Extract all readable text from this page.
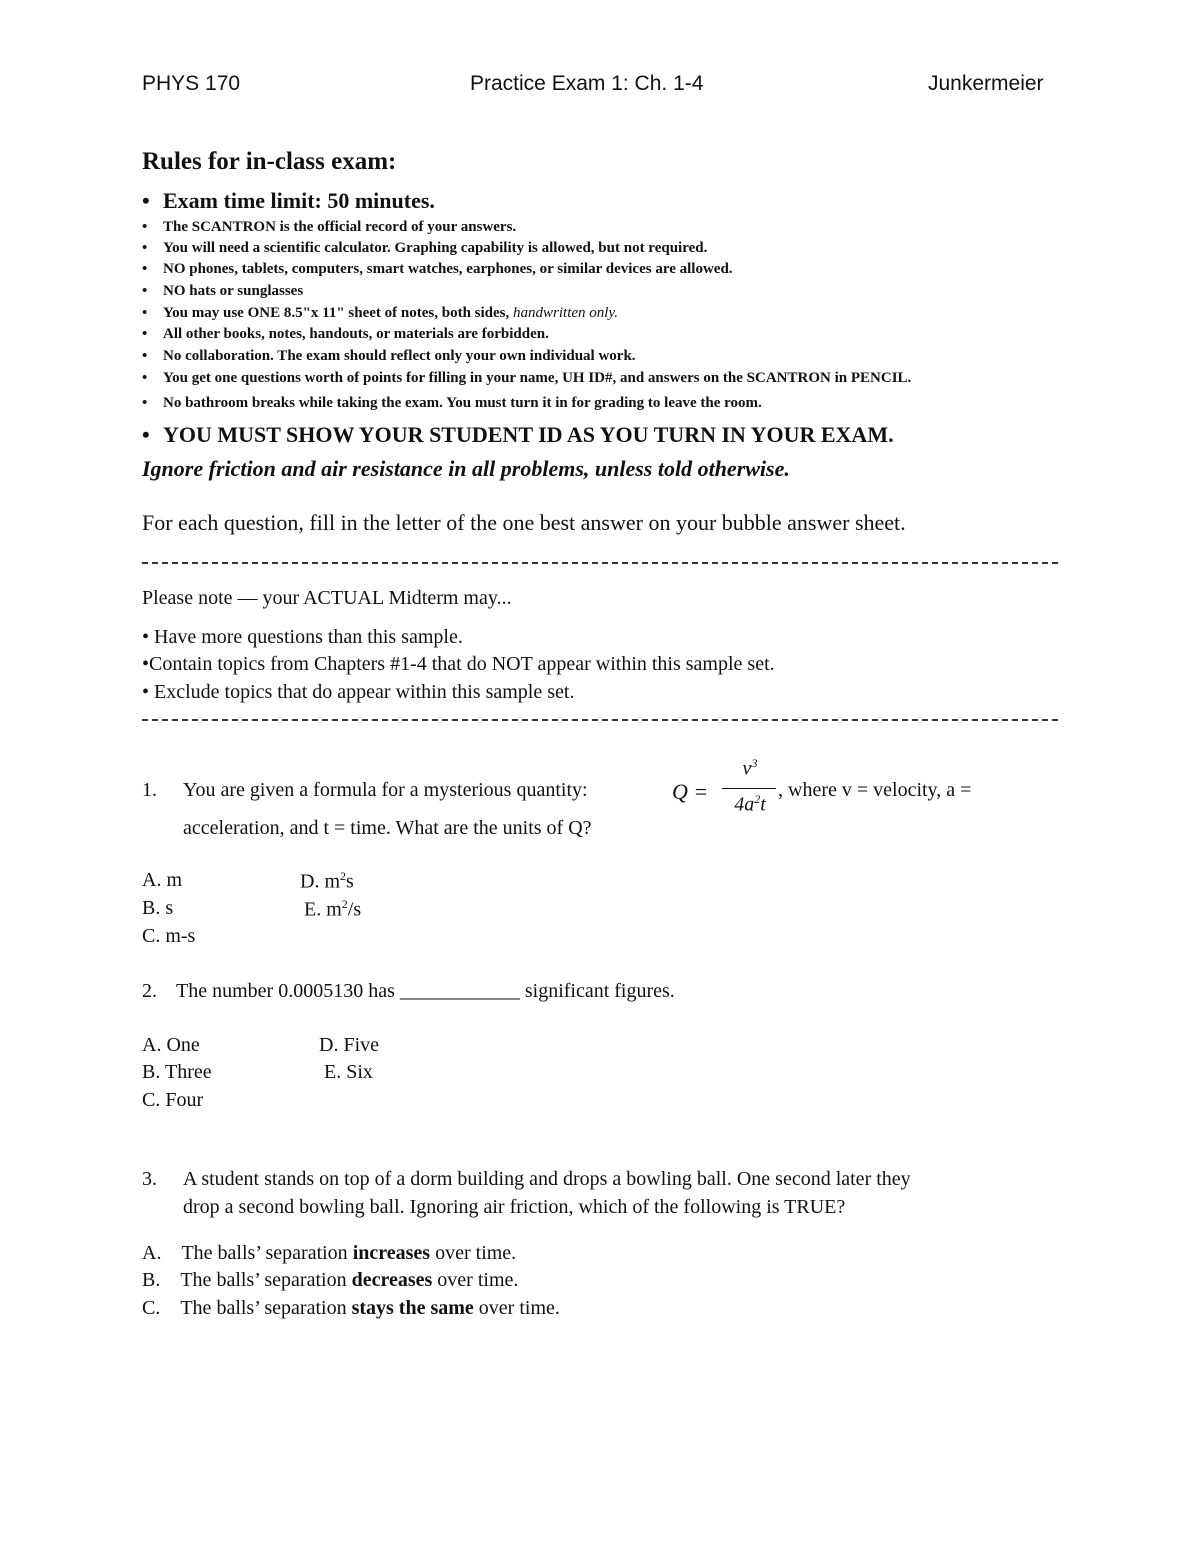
PHYS 170	Practice Exam 1: Ch. 1-4	Junkermeier
Rules for in-class exam:
• Exam time limit: 50 minutes.
• The SCANTRON is the official record of your answers.
• You will need a scientific calculator. Graphing capability is allowed, but not required.
• NO phones, tablets, computers, smart watches, earphones, or similar devices are allowed.
• NO hats or sunglasses
• You may use ONE 8.5"x 11" sheet of notes, both sides, handwritten only.
• All other books, notes, handouts, or materials are forbidden.
• No collaboration. The exam should reflect only your own individual work.
• You get one questions worth of points for filling in your name, UH ID#, and answers on the SCANTRON in PENCIL.
• No bathroom breaks while taking the exam. You must turn it in for grading to leave the room.
• YOU MUST SHOW YOUR STUDENT ID AS YOU TURN IN YOUR EXAM.
Ignore friction and air resistance in all problems, unless told otherwise.
For each question, fill in the letter of the one best answer on your bubble answer sheet.
Please note — your ACTUAL Midterm may...
• Have more questions than this sample.
•Contain topics from Chapters #1-4 that do NOT appear within this sample set.
• Exclude topics that do appear within this sample set.
1. You are given a formula for a mysterious quantity:	Q =
$v^3$
$4a^2t$
, where v = velocity, a =
acceleration, and t = time. What are the units of Q?
A. m
B. s
C. m-s
D. $m^2s$
E. $m^2/s$
2. The number 0.0005130 has ____________ significant figures.
A. One
B. Three
C. Four
D. Five
E. Six
3. A student stands on top of a dorm building and drops a bowling ball. One second later they
drop a second bowling ball. Ignoring air friction, which of the following is TRUE?
A. The balls’ separation increases over time.
B. The balls’ separation decreases over time.
C. The balls’ separation stays the same over time.
